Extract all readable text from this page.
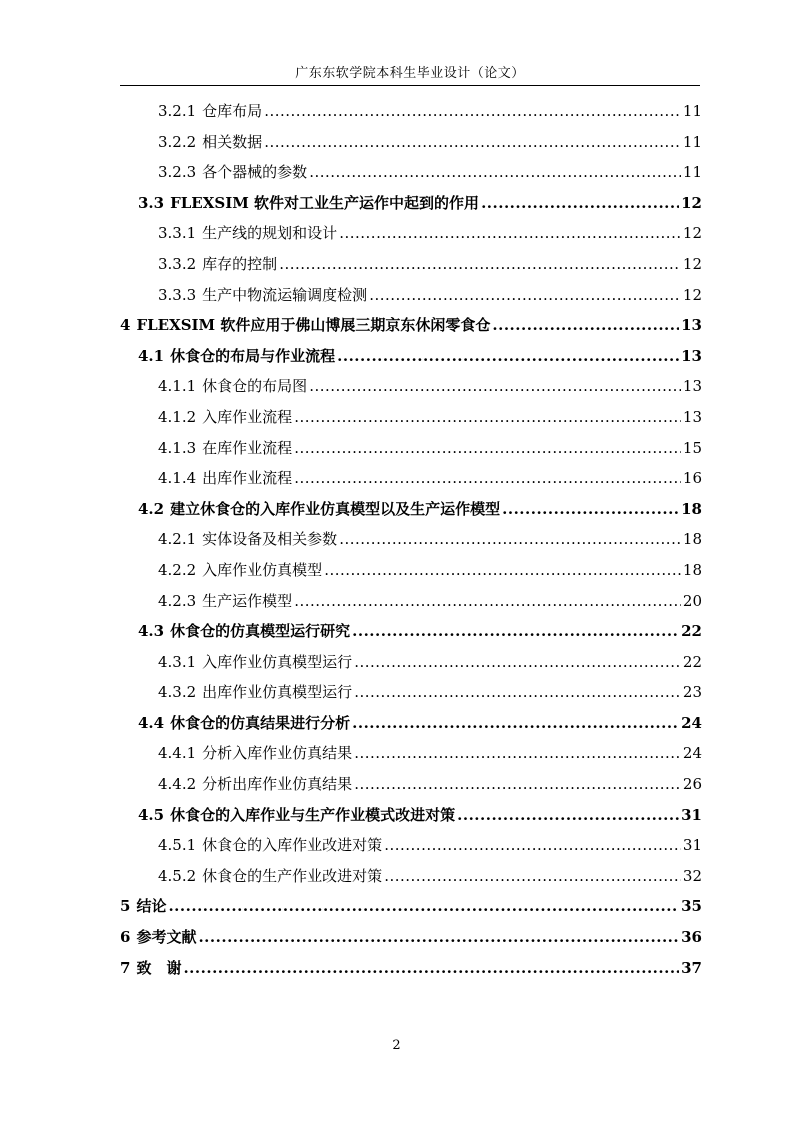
广东东软学院本科生毕业设计（论文）
3.2.1 仓库布局 .....	11
3.2.2 相关数据 .....	11
3.2.3 各个器械的参数 .....	11
3.3 FLEXSIM 软件对工业生产运作中起到的作用 .....	12
3.3.1 生产线的规划和设计 .....	12
3.3.2 库存的控制 .....	12
3.3.3 生产中物流运输调度检测 .....	12
4 FLEXSIM 软件应用于佛山博展三期京东休闲零食仓 .....	13
4.1 休食仓的布局与作业流程 .....	13
4.1.1 休食仓的布局图 .....	13
4.1.2 入库作业流程 .....	13
4.1.3 在库作业流程 .....	15
4.1.4 出库作业流程 .....	16
4.2 建立休食仓的入库作业仿真模型以及生产运作模型 .....	18
4.2.1 实体设备及相关参数 .....	18
4.2.2 入库作业仿真模型 .....	18
4.2.3 生产运作模型 .....	20
4.3 休食仓的仿真模型运行研究 .....	22
4.3.1 入库作业仿真模型运行 .....	22
4.3.2 出库作业仿真模型运行 .....	23
4.4 休食仓的仿真结果进行分析 .....	24
4.4.1 分析入库作业仿真结果 .....	24
4.4.2 分析出库作业仿真结果 .....	26
4.5 休食仓的入库作业与生产作业模式改进对策 .....	31
4.5.1 休食仓的入库作业改进对策 .....	31
4.5.2 休食仓的生产作业改进对策 .....	32
5 结论 .....	35
6 参考文献 .....	36
7 致　谢 .....	37
2
